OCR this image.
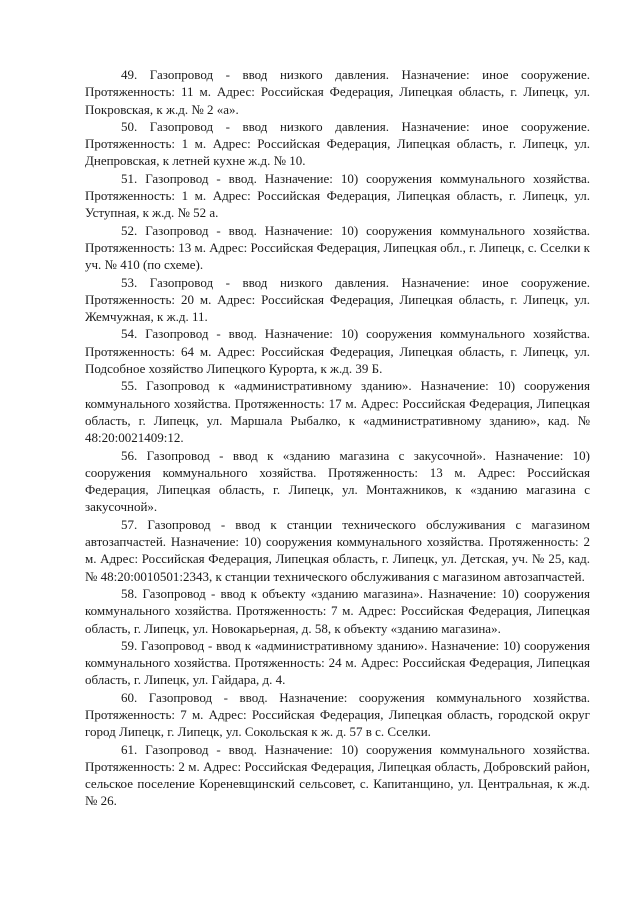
49. Газопровод - ввод низкого давления. Назначение: иное сооружение. Протяженность: 11 м. Адрес: Российская Федерация, Липецкая область, г. Липецк, ул. Покровская, к ж.д. № 2 «а».

50. Газопровод - ввод низкого давления. Назначение: иное сооружение. Протяженность: 1 м. Адрес: Российская Федерация, Липецкая область, г. Липецк, ул. Днепровская, к летней кухне ж.д. № 10.

51. Газопровод - ввод. Назначение: 10) сооружения коммунального хозяйства. Протяженность: 1 м. Адрес: Российская Федерация, Липецкая область, г. Липецк, ул. Уступная, к ж.д. № 52 а.

52. Газопровод - ввод. Назначение: 10) сооружения коммунального хозяйства. Протяженность: 13 м. Адрес: Российская Федерация, Липецкая обл., г. Липецк, с. Сселки к уч. № 410 (по схеме).

53. Газопровод - ввод низкого давления. Назначение: иное сооружение. Протяженность: 20 м. Адрес: Российская Федерация, Липецкая область, г. Липецк, ул. Жемчужная, к ж.д. 11.

54. Газопровод - ввод. Назначение: 10) сооружения коммунального хозяйства. Протяженность: 64 м. Адрес: Российская Федерация, Липецкая область, г. Липецк, ул. Подсобное хозяйство Липецкого Курорта, к ж.д. 39 Б.

55. Газопровод к «административному зданию». Назначение: 10) сооружения коммунального хозяйства. Протяженность: 17 м. Адрес: Российская Федерация, Липецкая область, г. Липецк, ул. Маршала Рыбалко, к «административному зданию», кад. № 48:20:0021409:12.

56. Газопровод - ввод к «зданию магазина с закусочной». Назначение: 10) сооружения коммунального хозяйства. Протяженность: 13 м. Адрес: Российская Федерация, Липецкая область, г. Липецк, ул. Монтажников, к «зданию магазина с закусочной».

57. Газопровод - ввод к станции технического обслуживания с магазином автозапчастей. Назначение: 10) сооружения коммунального хозяйства. Протяженность: 2 м. Адрес: Российская Федерация, Липецкая область, г. Липецк, ул. Детская, уч. № 25, кад. № 48:20:0010501:2343, к станции технического обслуживания с магазином автозапчастей.

58. Газопровод - ввод к объекту «зданию магазина». Назначение: 10) сооружения коммунального хозяйства. Протяженность: 7 м. Адрес: Российская Федерация, Липецкая область, г. Липецк, ул. Новокарьерная, д. 58, к объекту «зданию магазина».

59. Газопровод - ввод к «административному зданию». Назначение: 10) сооружения коммунального хозяйства. Протяженность: 24 м. Адрес: Российская Федерация, Липецкая область, г. Липецк, ул. Гайдара, д. 4.

60. Газопровод - ввод. Назначение: сооружения коммунального хозяйства. Протяженность: 7 м. Адрес: Российская Федерация, Липецкая область, городской округ город Липецк, г. Липецк, ул. Сокольская к ж. д. 57 в с. Сселки.

61. Газопровод - ввод. Назначение: 10) сооружения коммунального хозяйства. Протяженность: 2 м. Адрес: Российская Федерация, Липецкая область, Добровский район, сельское поселение Кореневщинский сельсовет, с. Капитанщино, ул. Центральная, к ж.д. № 26.
